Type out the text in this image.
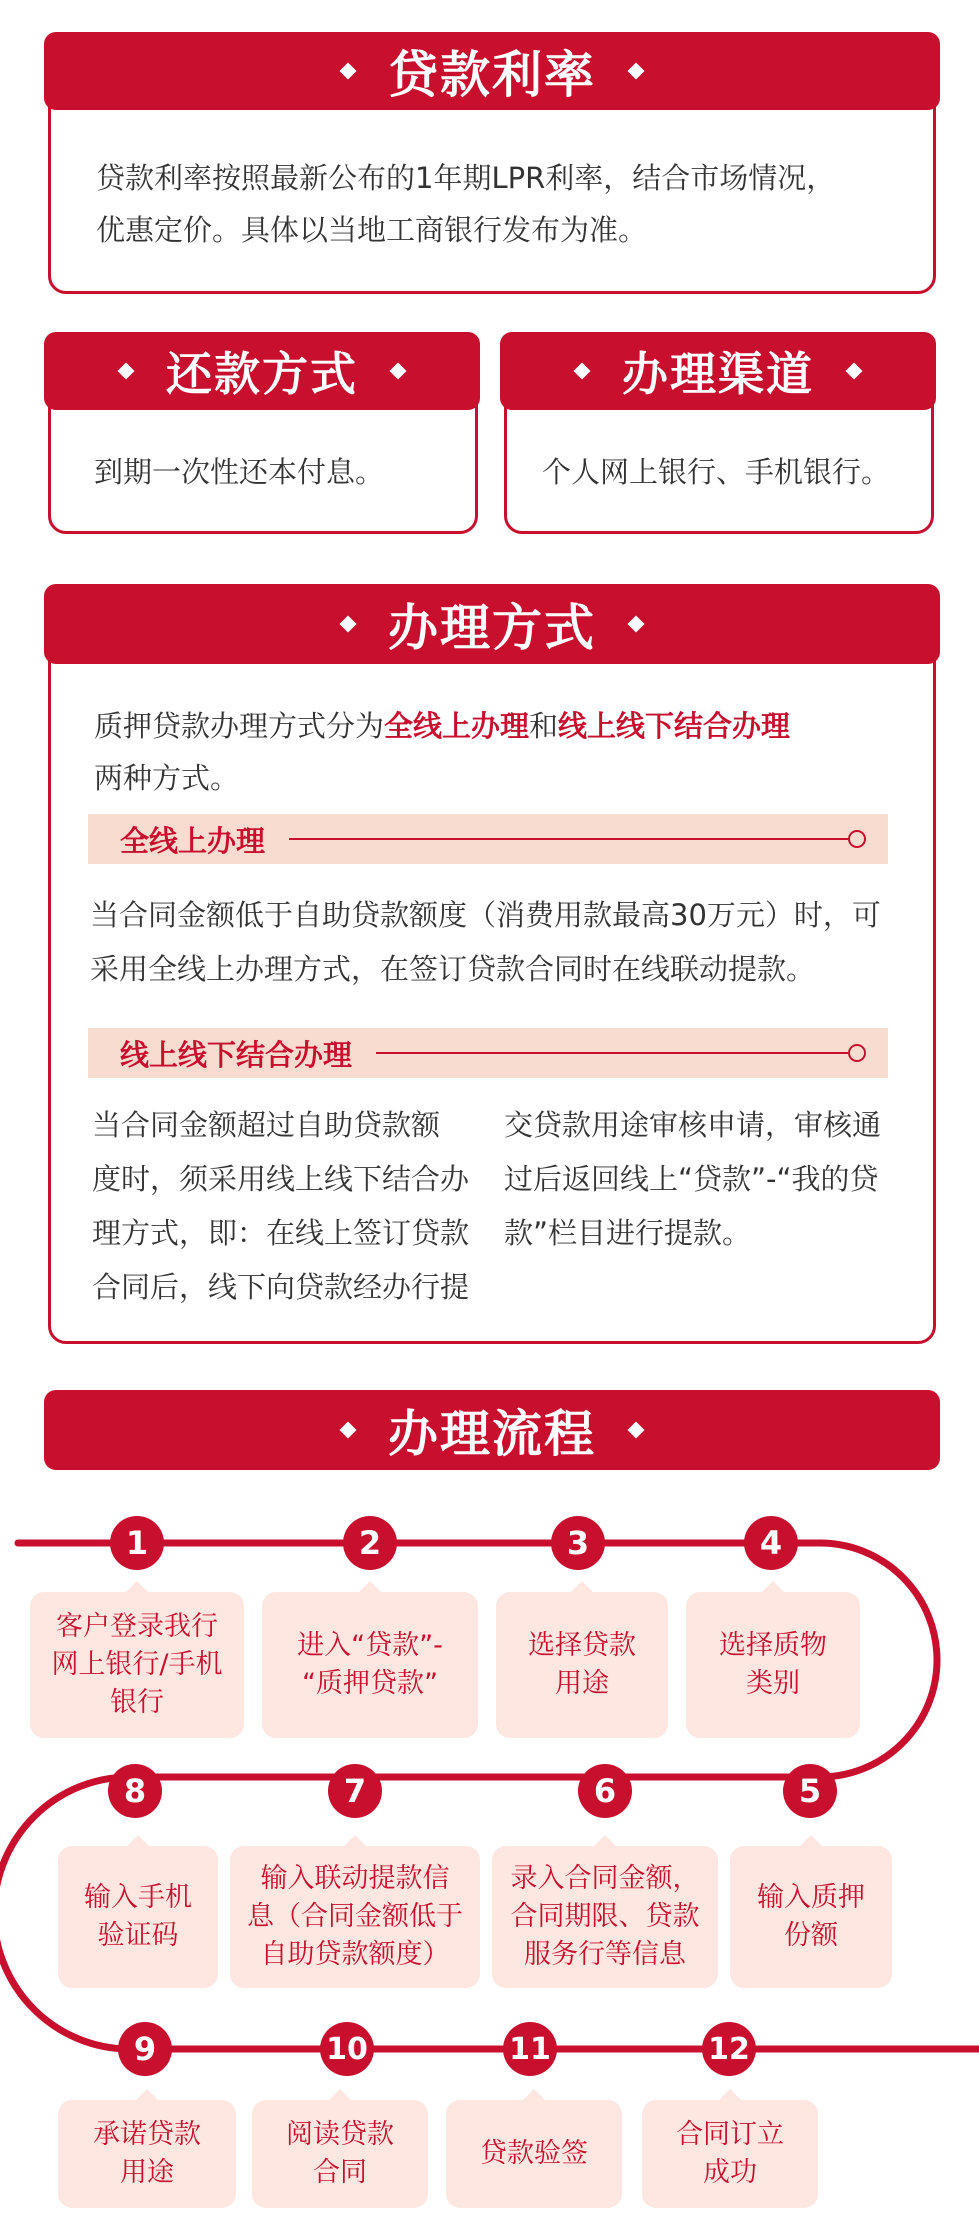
贷款利率
贷款利率按照最新公布的1年期LPR利率，结合市场情况，
优惠定价。具体以当地工商银行发布为准。
还款方式
到期一次性还本付息。
办理渠道
个人网上银行、手机银行。
办理方式
质押贷款办理方式分为全线上办理和线上线下结合办理
两种方式。
全线上办理
当合同金额低于自助贷款额度（消费用款最高30万元）时，可
采用全线上办理方式，在签订贷款合同时在线联动提款。
线上线下结合办理
当合同金额超过自助贷款额
度时，须采用线上线下结合办
理方式，即：在线上签订贷款
合同后，线下向贷款经办行提
交贷款用途审核申请，审核通
过后返回线上“贷款”-“我的贷
款”栏目进行提款。
办理流程
1	2	3	4
5
6
7
8
9	10	11	12
客户登录我行
网上银行/手机
银行
进入“贷款”-
“质押贷款”
选择贷款
用途
选择质物
类别
输入质押
份额
录入合同金额，
合同期限、贷款
服务行等信息
输入联动提款信
息（合同金额低于
自助贷款额度）
输入手机
验证码
承诺贷款
用途
阅读贷款
合同
贷款验签
合同订立
成功
